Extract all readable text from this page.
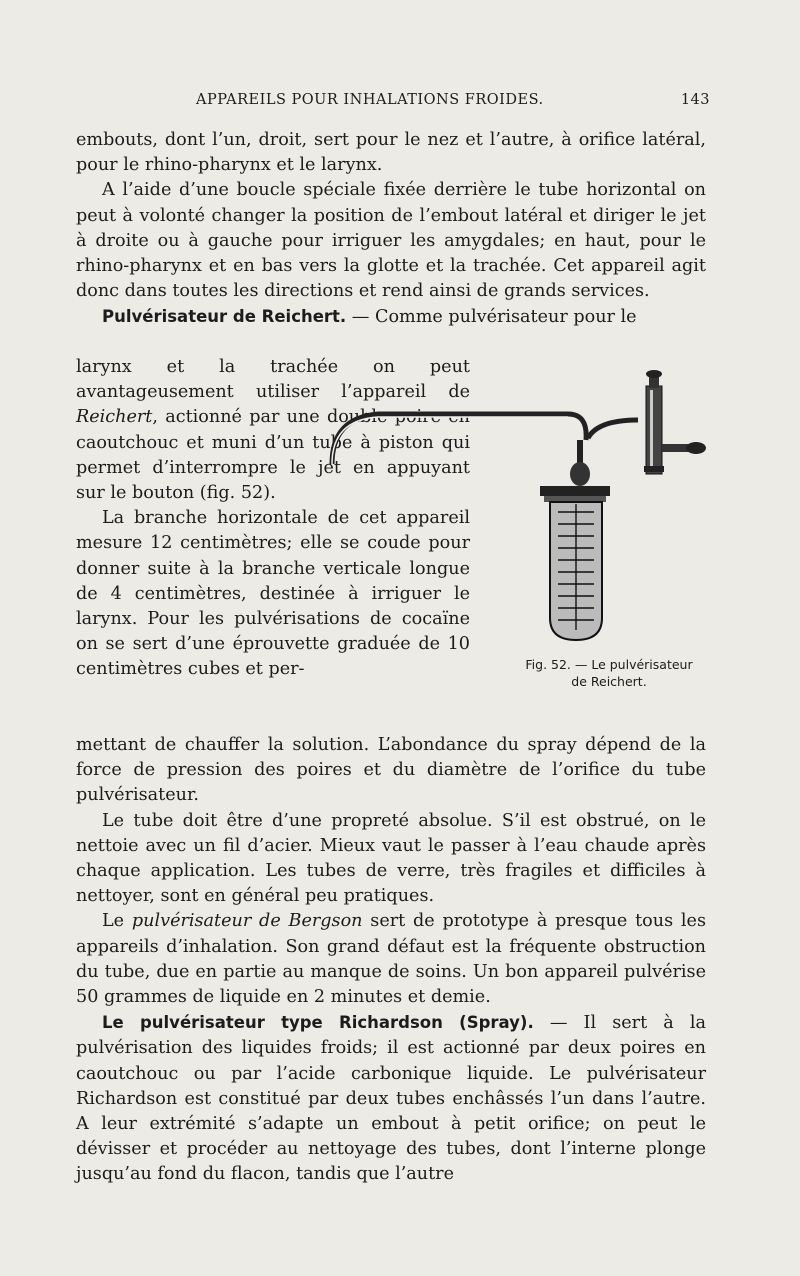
APPAREILS POUR INHALATIONS FROIDES.	143

embouts, dont l’un, droit, sert pour le nez et l’autre, à orifice latéral, pour le rhino-pharynx et le larynx.

A l’aide d’une boucle spéciale fixée derrière le tube horizontal on peut à volonté changer la position de l’embout latéral et diriger le jet à droite ou à gauche pour irriguer les amygdales; en haut, pour le rhino-pharynx et en bas vers la glotte et la trachée. Cet appareil agit donc dans toutes les directions et rend ainsi de grands services.

Pulvérisateur de Reichert. — Comme pulvérisateur pour le

larynx et la trachée on peut avantageusement utiliser l’appareil de Reichert, actionné par une double poire en caoutchouc et muni d’un tube à piston qui permet d’interrompre le jet en appuyant sur le bouton (fig. 52).

La branche horizontale de cet appareil mesure 12 centimètres; elle se coude pour donner suite à la branche verticale longue de 4 centimètres, destinée à irriguer le larynx. Pour les pulvérisations de cocaïne on se sert d’une éprouvette graduée de 10 centimètres cubes et per-

mettant de chauffer la solution. L’abondance du spray dépend de la force de pression des poires et du diamètre de l’orifice du tube pulvérisateur.

Le tube doit être d’une propreté absolue. S’il est obstrué, on le nettoie avec un fil d’acier. Mieux vaut le passer à l’eau chaude après chaque application. Les tubes de verre, très fragiles et difficiles à nettoyer, sont en général peu pratiques.

Le pulvérisateur de Bergson sert de prototype à presque tous les appareils d’inhalation. Son grand défaut est la fréquente obstruction du tube, due en partie au manque de soins. Un bon appareil pulvérise 50 grammes de liquide en 2 minutes et demie.

Le pulvérisateur type Richardson (Spray). — Il sert à la pulvérisation des liquides froids; il est actionné par deux poires en caoutchouc ou par l’acide carbonique liquide. Le pulvérisateur Richardson est constitué par deux tubes enchâssés l’un dans l’autre. A leur extrémité s’adapte un embout à petit orifice; on peut le dévisser et procéder au nettoyage des tubes, dont l’interne plonge jusqu’au fond du flacon, tandis que l’autre

Fig. 52. — Le pulvérisateur
de Reichert.
